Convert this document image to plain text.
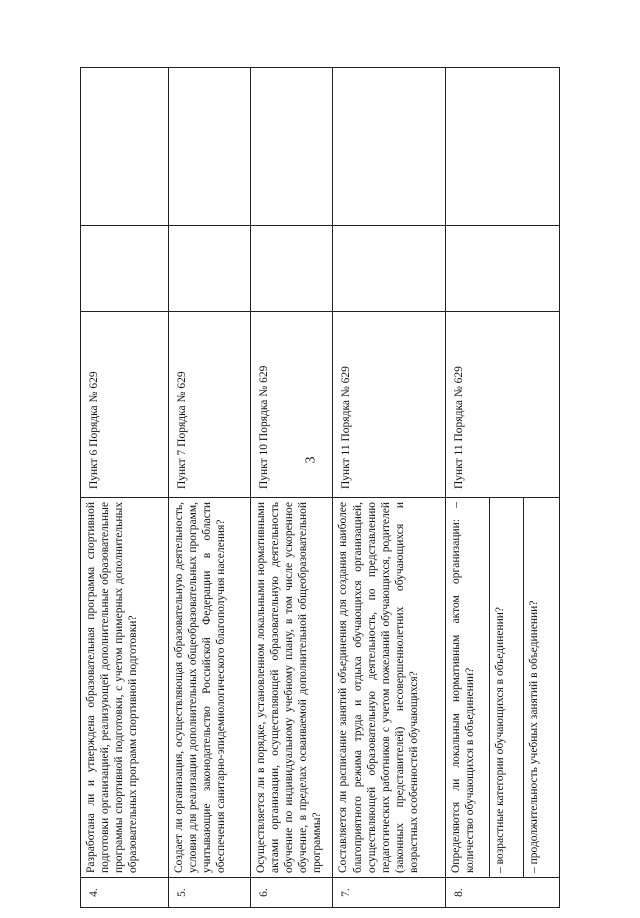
3
4.	Разработана ли и утверждена образовательная программа спортивной подготовки организацией, реализующей дополнительные образовательные программы спортивной подготовки, с учетом примерных дополнительных образовательных программ спортивной подготовки?	Пункт 6 Порядка № 629		
5.	Создает ли организация, осуществляющая образовательную деятельность, условия для реализации дополнительных общеобразовательных программ, учитывающие законодательство Российской Федерации в области обеспечения санитарно-эпидемиологического благополучия населения?	Пункт 7 Порядка № 629		
6.	Осуществляется ли в порядке, установленном локальными нормативными актами организации, осуществляющей образовательную деятельность обучение по индивидуальному учебному плану, в том числе ускоренное обучение, в пределах осваиваемой дополнительной общеобразовательной программы?	Пункт 10 Порядка № 629		
7.	Составляется ли расписание занятий объединения для создания наиболее благоприятного режима труда и отдыха обучающихся организацией, осуществляющей образовательную деятельность, по представлению педагогических работников с учетом пожеланий обучающихся, родителей (законных представителей) несовершеннолетних обучающихся и возрастных особенностей обучающихся?	Пункт 11 Порядка № 629		
8.	Определяются ли локальным нормативным актом организации: – количество обучающихся в объединении?	Пункт 11 Порядка № 629		
	– возрастные категории обучающихся в объединении?			
	– продолжительность учебных занятий в объединении?			
